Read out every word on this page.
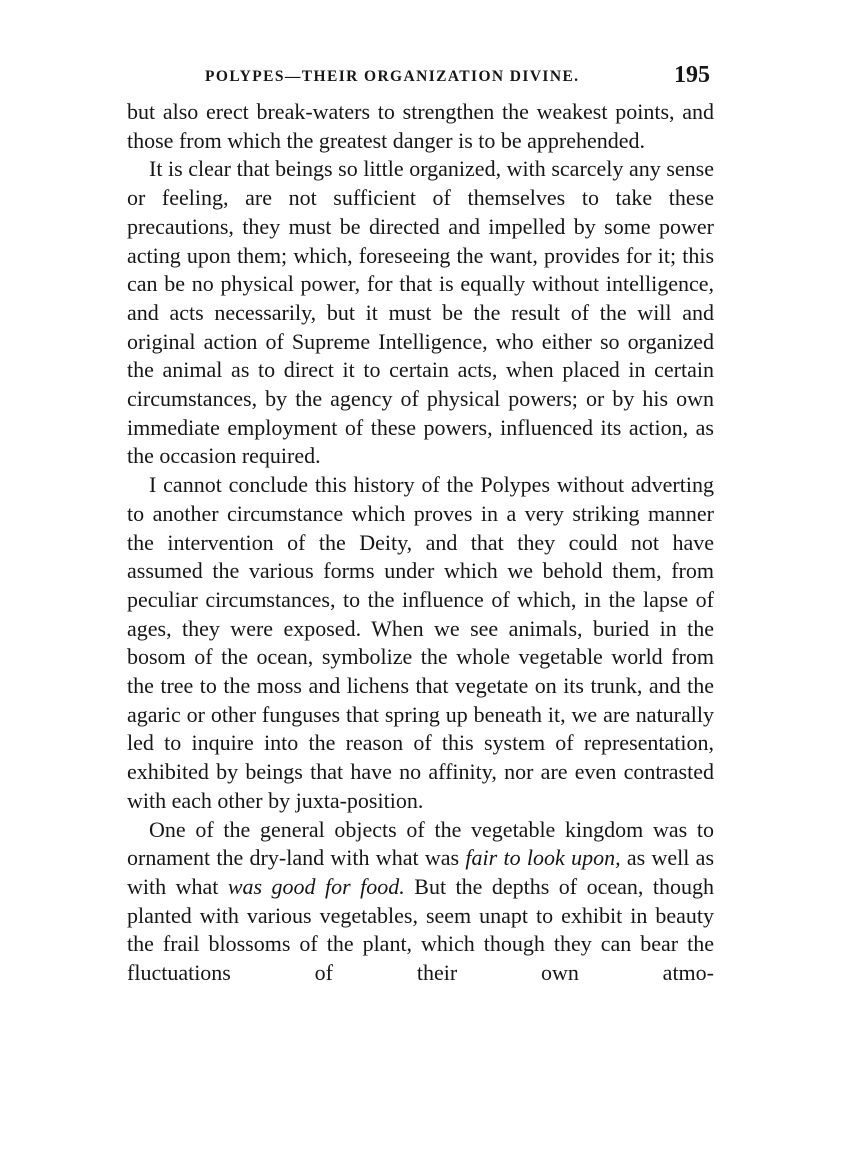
POLYPES—THEIR ORGANIZATION DIVINE.	195

but also erect break-waters to strengthen the weakest points, and those from which the greatest danger is to be apprehended.

It is clear that beings so little organized, with scarcely any sense or feeling, are not sufficient of themselves to take these precautions, they must be directed and impelled by some power acting upon them; which, foreseeing the want, provides for it; this can be no physical power, for that is equally without intelligence, and acts necessarily, but it must be the result of the will and original action of Supreme Intelligence, who either so organized the animal as to direct it to certain acts, when placed in certain circumstances, by the agency of physical powers; or by his own immediate employment of these powers, influenced its action, as the occasion required.

I cannot conclude this history of the Polypes without adverting to another circumstance which proves in a very striking manner the intervention of the Deity, and that they could not have assumed the various forms under which we behold them, from peculiar circumstances, to the influence of which, in the lapse of ages, they were exposed. When we see animals, buried in the bosom of the ocean, symbolize the whole vegetable world from the tree to the moss and lichens that vegetate on its trunk, and the agaric or other funguses that spring up beneath it, we are naturally led to inquire into the reason of this system of representation, exhibited by beings that have no affinity, nor are even contrasted with each other by juxta-position.

One of the general objects of the vegetable kingdom was to ornament the dry-land with what was fair to look upon, as well as with what was good for food. But the depths of ocean, though planted with various vegetables, seem unapt to exhibit in beauty the frail blossoms of the plant, which though they can bear the fluctuations of their own atmo-
